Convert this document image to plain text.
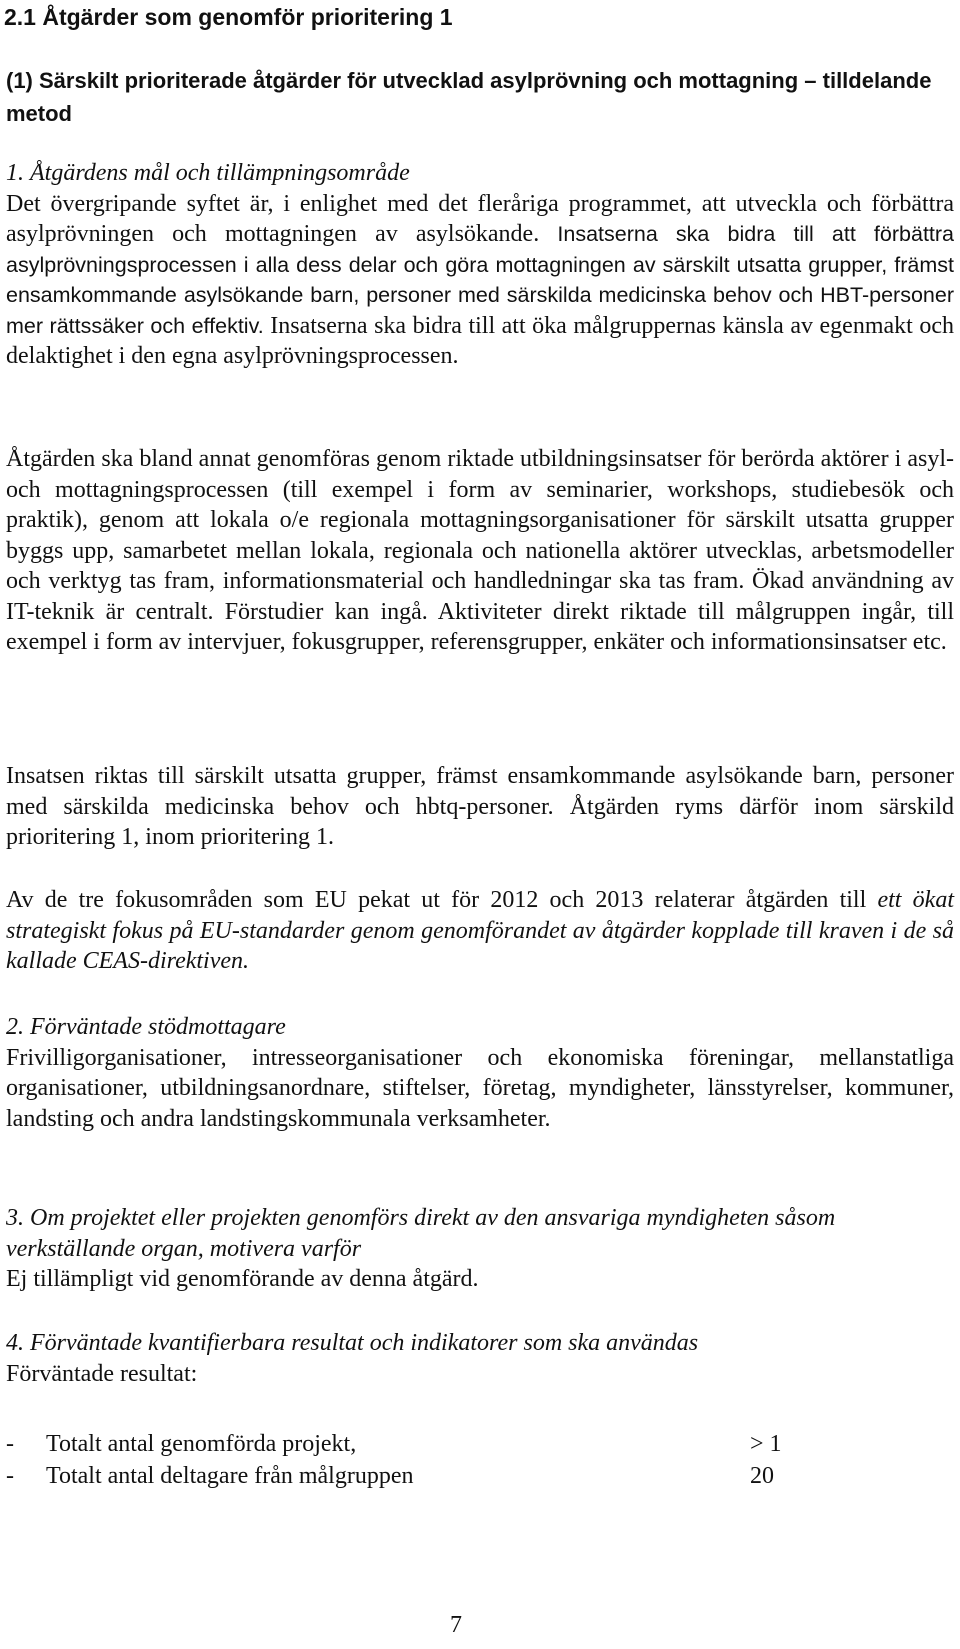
2.1 Åtgärder som genomför prioritering 1
(1) Särskilt prioriterade åtgärder för utvecklad asylprövning och mottagning – tilldelande metod
1. Åtgärdens mål och tillämpningsområde
Det övergripande syftet är, i enlighet med det fleråriga programmet, att utveckla och förbättra asylprövningen och mottagningen av asylsökande. Insatserna ska bidra till att förbättra asylprövningsprocessen i alla dess delar och göra mottagningen av särskilt utsatta grupper, främst ensamkommande asylsökande barn, personer med särskilda medicinska behov och HBT-personer mer rättssäker och effektiv. Insatserna ska bidra till att öka målgruppernas känsla av egenmakt och delaktighet i den egna asylprövningsprocessen.
Åtgärden ska bland annat genomföras genom riktade utbildningsinsatser för berörda aktörer i asyl- och mottagningsprocessen (till exempel i form av seminarier, workshops, studiebesök och praktik), genom att lokala o/e regionala mottagningsorganisationer för särskilt utsatta grupper byggs upp, samarbetet mellan lokala, regionala och nationella aktörer utvecklas, arbetsmodeller och verktyg tas fram, informationsmaterial och handledningar ska tas fram. Ökad användning av IT-teknik är centralt. Förstudier kan ingå. Aktiviteter direkt riktade till målgruppen ingår, till exempel i form av intervjuer, fokusgrupper, referensgrupper, enkäter och informationsinsatser etc.
Insatsen riktas till särskilt utsatta grupper, främst ensamkommande asylsökande barn, personer med särskilda medicinska behov och hbtq-personer. Åtgärden ryms därför inom särskild prioritering 1, inom prioritering 1.
Av de tre fokusområden som EU pekat ut för 2012 och 2013 relaterar åtgärden till ett ökat strategiskt fokus på EU-standarder genom genomförandet av åtgärder kopplade till kraven i de så kallade CEAS-direktiven.
2. Förväntade stödmottagare
Frivilligorganisationer, intresseorganisationer och ekonomiska föreningar, mellanstatliga organisationer, utbildningsanordnare, stiftelser, företag, myndigheter, länsstyrelser, kommuner, landsting och andra landstingskommunala verksamheter.
3. Om projektet eller projekten genomförs direkt av den ansvariga myndigheten såsom verkställande organ, motivera varför
Ej tillämpligt vid genomförande av denna åtgärd.
4. Förväntade kvantifierbara resultat och indikatorer som ska användas
Förväntade resultat:
- Totalt antal genomförda projekt,	> 1
- Totalt antal deltagare från målgruppen	20
7
